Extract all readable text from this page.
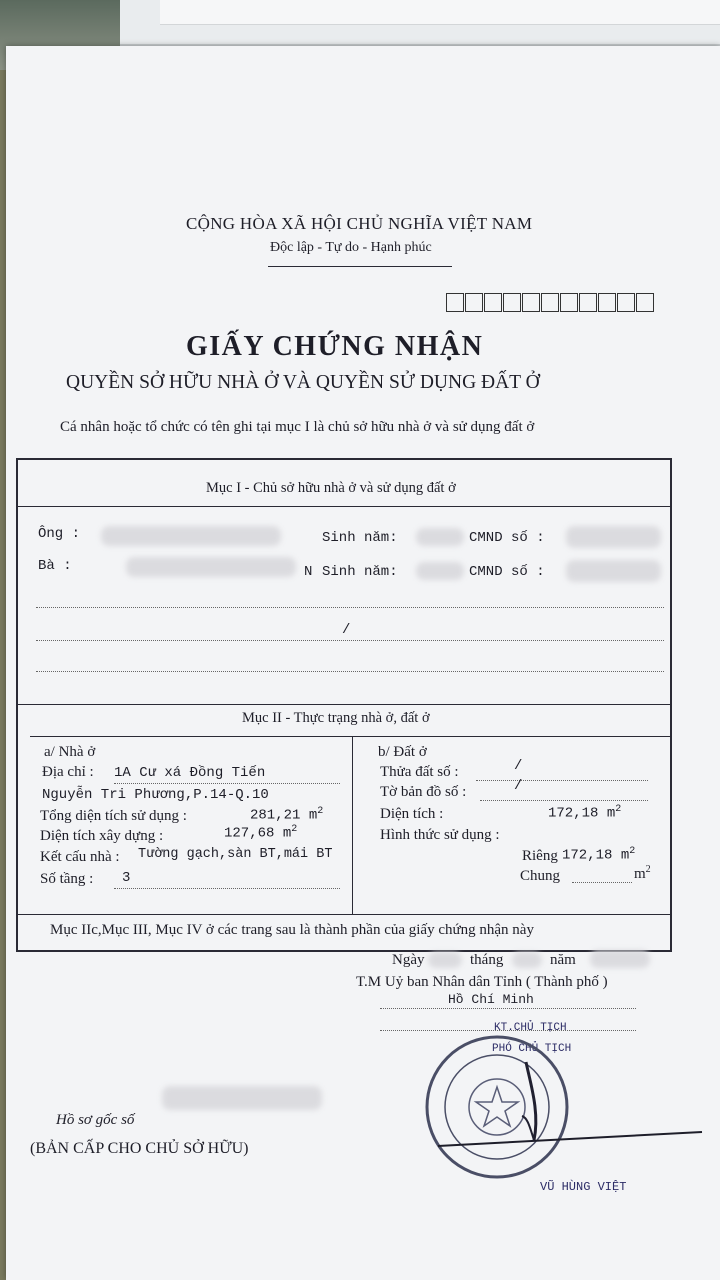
CỘNG HÒA XÃ HỘI CHỦ NGHĨA VIỆT NAM
Độc lập - Tự do - Hạnh phúc
GIẤY CHỨNG NHẬN
QUYỀN SỞ HỮU NHÀ Ở VÀ QUYỀN SỬ DỤNG ĐẤT Ở
Cá nhân hoặc tổ chức có tên ghi tại mục I là chủ sở hữu nhà ở và sử dụng đất ở
Mục I - Chủ sở hữu nhà ở và sử dụng đất ở
Ông :	Sinh năm:	CMND số :
Bà :	N Sinh năm:	CMND số :
/
Mục II - Thực trạng nhà ở, đất ở
a/ Nhà ở
Địa chỉ : 1A Cư xá Đồng Tiến
Nguyễn Tri Phương,P.14-Q.10
Tổng diện tích sử dụng :	281,21 $m^2$
Diện tích xây dựng :	127,68 $m^2$
Kết cấu nhà : Tường gạch,sàn BT,mái BT
Số tầng : 3
b/ Đất ở
Thửa đất số :	/
Tờ bản đồ số :	/
Diện tích :	172,18 $m^2$
Hình thức sử dụng :
Riêng 172,18 $m^2$
Chung	$m^2$
Mục IIc,Mục III, Mục IV ở các trang sau là thành phần của giấy chứng nhận này
Ngày	tháng	năm
T.M Uỷ ban Nhân dân Tỉnh ( Thành phố )
Hồ Chí Minh
KT.CHỦ TỊCH
PHÓ CHỦ TỊCH
VŨ HÙNG VIỆT
Hồ sơ gốc số
(BẢN CẤP CHO CHỦ SỞ HỮU)
